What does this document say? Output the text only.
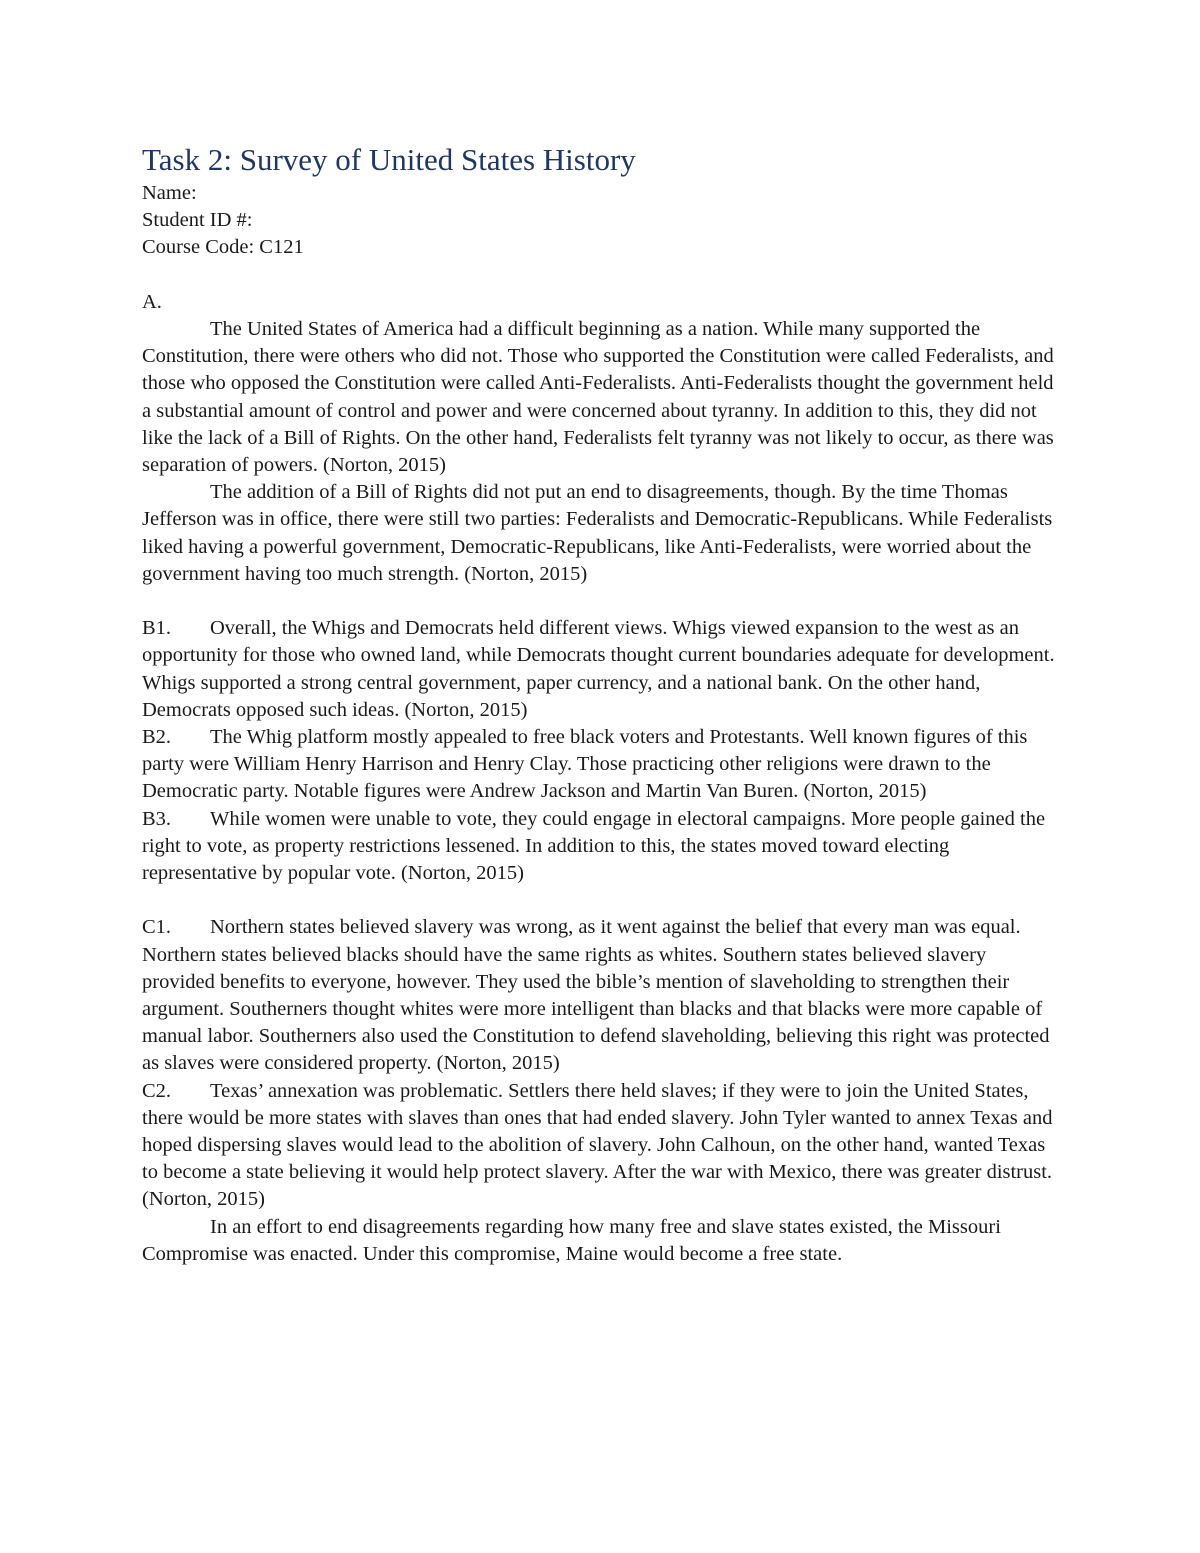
Task 2: Survey of United States History

Name:

Student ID #:

Course Code: C121

A.

The United States of America had a difficult beginning as a nation. While many supported the Constitution, there were others who did not. Those who supported the Constitution were called Federalists, and those who opposed the Constitution were called Anti-Federalists. Anti-Federalists thought the government held a substantial amount of control and power and were concerned about tyranny. In addition to this, they did not like the lack of a Bill of Rights. On the other hand, Federalists felt tyranny was not likely to occur, as there was separation of powers. (Norton, 2015)

The addition of a Bill of Rights did not put an end to disagreements, though. By the time Thomas Jefferson was in office, there were still two parties: Federalists and Democratic-Republicans. While Federalists liked having a powerful government, Democratic-Republicans, like Anti-Federalists, were worried about the government having too much strength. (Norton, 2015)

B1. Overall, the Whigs and Democrats held different views. Whigs viewed expansion to the west as an opportunity for those who owned land, while Democrats thought current boundaries adequate for development. Whigs supported a strong central government, paper currency, and a national bank. On the other hand, Democrats opposed such ideas. (Norton, 2015)

B2. The Whig platform mostly appealed to free black voters and Protestants. Well known figures of this party were William Henry Harrison and Henry Clay. Those practicing other religions were drawn to the Democratic party. Notable figures were Andrew Jackson and Martin Van Buren. (Norton, 2015)

B3. While women were unable to vote, they could engage in electoral campaigns. More people gained the right to vote, as property restrictions lessened. In addition to this, the states moved toward electing representative by popular vote. (Norton, 2015)

C1. Northern states believed slavery was wrong, as it went against the belief that every man was equal. Northern states believed blacks should have the same rights as whites. Southern states believed slavery provided benefits to everyone, however. They used the bible’s mention of slaveholding to strengthen their argument. Southerners thought whites were more intelligent than blacks and that blacks were more capable of manual labor. Southerners also used the Constitution to defend slaveholding, believing this right was protected as slaves were considered property. (Norton, 2015)

C2. Texas’ annexation was problematic. Settlers there held slaves; if they were to join the United States, there would be more states with slaves than ones that had ended slavery. John Tyler wanted to annex Texas and hoped dispersing slaves would lead to the abolition of slavery. John Calhoun, on the other hand, wanted Texas to become a state believing it would help protect slavery. After the war with Mexico, there was greater distrust. (Norton, 2015)

In an effort to end disagreements regarding how many free and slave states existed, the Missouri Compromise was enacted. Under this compromise, Maine would become a free state.
